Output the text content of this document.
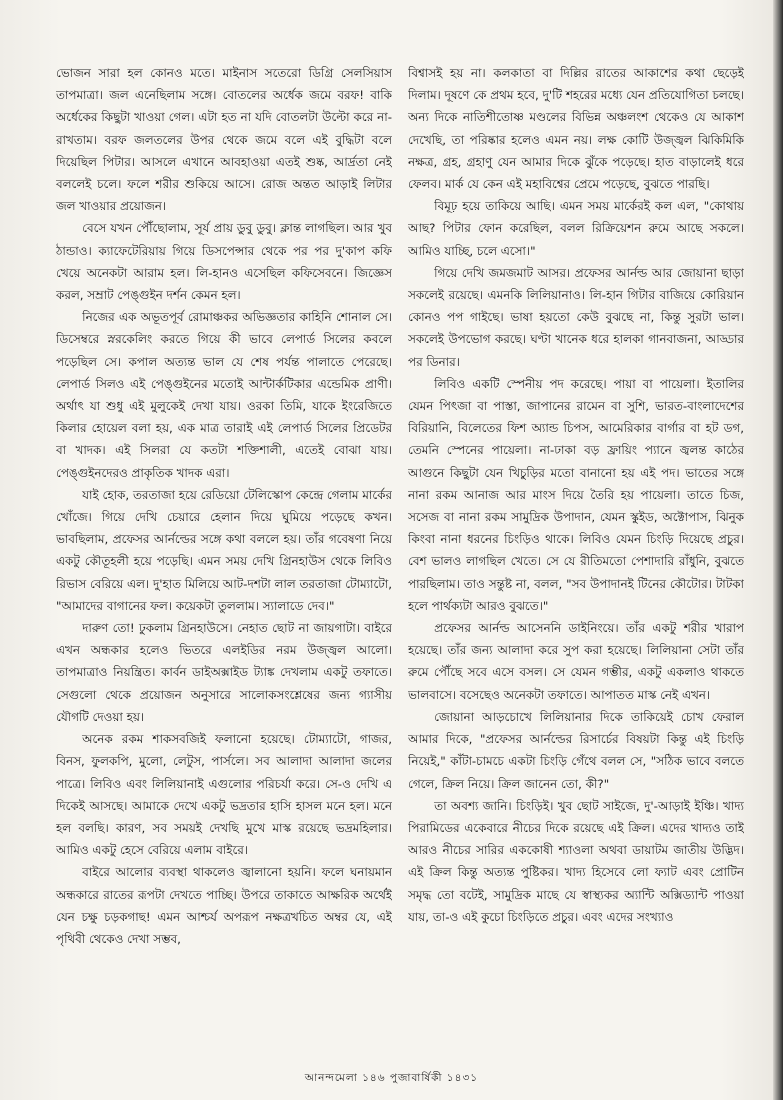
ভোজন সারা হল কোনও মতে। মাইনাস সতেরো ডিগ্রি সেলসিয়াস তাপমাত্রা। জল এনেছিলাম সঙ্গে। বোতলের অর্ধেক জমে বরফ! বাকি অর্ধেকের কিছুটা খাওয়া গেল। এটা হত না যদি বোতলটা উল্টো করে না-রাখতাম। বরফ জলতলের উপর থেকে জমে বলে এই বুদ্ধিটা বলে দিয়েছিল পিটার। আসলে এখানে আবহাওয়া এতই শুষ্ক, আর্দ্রতা নেই বললেই চলে। ফলে শরীর শুকিয়ে আসে। রোজ অন্তত আড়াই লিটার জল খাওয়ার প্রয়োজন।

বেসে যখন পৌঁছোলাম, সূর্য প্রায় ডুবু ডুবু। ক্লান্ত লাগছিল। আর খুব ঠান্ডাও। ক্যাফেটেরিয়ায় গিয়ে ডিসপেন্সার থেকে পর পর দু'কাপ কফি খেয়ে অনেকটা আরাম হল। লি-হানও এসেছিল কফিসেবনে। জিজ্ঞেস করল, সম্রাট পেঙ্গুইন দর্শন কেমন হল।

নিজের এক অভূতপূর্ব রোমাঞ্চকর অভিজ্ঞতার কাহিনি শোনাল সে। ডিসেম্বরে স্নরকেলিং করতে গিয়ে কী ভাবে লেপার্ড সিলের কবলে পড়েছিল সে। কপাল অত্যন্ত ভাল যে শেষ পর্যন্ত পালাতে পেরেছে। লেপার্ড সিলও এই পেঙ্গুইনের মতোই আন্টার্কটিকার এন্ডেমিক প্রাণী। অর্থাৎ যা শুধু এই মুলুকেই দেখা যায়। ওরকা তিমি, যাকে ইংরেজিতে কিলার হোয়েল বলা হয়, এক মাত্র তারাই এই লেপার্ড সিলের প্রিডেটর বা খাদক। এই সিলরা যে কতটা শক্তিশালী, এতেই বোঝা যায়। পেঙ্গুইনদেরও প্রাকৃতিক খাদক এরা।

যাই হোক, তরতাজা হয়ে রেডিয়ো টেলিস্কোপ কেন্দ্রে গেলাম মার্কের খোঁজে। গিয়ে দেখি চেয়ারে হেলান দিয়ে ঘুমিয়ে পড়েছে কখন। ভাবছিলাম, প্রফেসর আর্নল্ডের সঙ্গে কথা বললে হয়। তাঁর গবেষণা নিয়ে একটু কৌতূহলী হয়ে পড়েছি। এমন সময় দেখি গ্রিনহাউস থেকে লিবিও রিভাস বেরিয়ে এল। দু'হাত মিলিয়ে আট-দশটা লাল তরতাজা টোম্যাটো, "আমাদের বাগানের ফল। কয়েকটা তুললাম। স্যালাডে দেব।"

দারুণ তো! ঢুকলাম গ্রিনহাউসে। নেহাত ছোট না জায়গাটা। বাইরে এখন অন্ধকার হলেও ভিতরে এলইডির নরম উজ্জ্বল আলো। তাপমাত্রাও নিয়ন্ত্রিত। কার্বন ডাইঅক্সাইড ট্যাঙ্ক দেখলাম একটু তফাতে। সেগুলো থেকে প্রয়োজন অনুসারে সালোকসংশ্লেষের জন্য গ্যাসীয় যৌগটি দেওয়া হয়।

অনেক রকম শাকসবজিই ফলানো হয়েছে। টোম্যাটো, গাজর, বিনস, ফুলকপি, মুলো, লেটুস, পার্সলে। সব আলাদা আলাদা জলের পাত্রে। লিবিও এবং লিলিয়ানাই এগুলোর পরিচর্যা করে। সে-ও দেখি এ দিকেই আসছে। আমাকে দেখে একটু ভদ্রতার হাসি হাসল মনে হল। মনে হল বলছি। কারণ, সব সময়ই দেখছি মুখে মাস্ক রয়েছে ভদ্রমহিলার। আমিও একটু হেসে বেরিয়ে এলাম বাইরে।

বাইরে আলোর ব্যবস্থা থাকলেও জ্বালানো হয়নি। ফলে ঘনায়মান অন্ধকারে রাতের রূপটা দেখতে পাচ্ছি। উপরে তাকাতে আক্ষরিক অর্থেই যেন চক্ষু চড়কগাছ! এমন আশ্চর্য অপরূপ নক্ষত্রখচিত অম্বর যে, এই পৃথিবী থেকেও দেখা সম্ভব,

বিশ্বাসই হয় না। কলকাতা বা দিল্লির রাতের আকাশের কথা ছেড়েই দিলাম। দূষণে কে প্রথম হবে, দু'টি শহরের মধ্যে যেন প্রতিযোগিতা চলছে। অন্য দিকে নাতিশীতোষ্ণ মণ্ডলের বিভিন্ন অঞ্চলংশ থেকেও যে আকাশ দেখেছি, তা পরিষ্কার হলেও এমন নয়। লক্ষ কোটি উজ্জ্বল ঝিকিমিকি নক্ষত্র, গ্রহ, গ্রহাণু যেন আমার দিকে ঝুঁকে পড়েছে। হাত বাড়ালেই ধরে ফেলব। মার্ক যে কেন এই মহাবিশ্বের প্রেমে পড়েছে, বুঝতে পারছি।

বিমূঢ় হয়ে তাকিয়ে আছি। এমন সময় মার্কেরই কল এল, "কোথায় আছ? পিটার ফোন করেছিল, বলল রিক্রিয়েশন রুমে আছে সকলে। আমিও যাচ্ছি, চলে এসো।"

গিয়ে দেখি জমজমাট আসর। প্রফেসর আর্নল্ড আর জোয়ানা ছাড়া সকলেই রয়েছে। এমনকি লিলিয়ানাও। লি-হান গিটার বাজিয়ে কোরিয়ান কোনও পপ গাইছে। ভাষা হয়তো কেউ বুঝছে না, কিন্তু সুরটা ভাল। সকলেই উপভোগ করছে। ঘণ্টা খানেক ধরে হালকা গানবাজনা, আড্ডার পর ডিনার।

লিবিও একটি স্পেনীয় পদ করেছে। পায়া বা পায়েলা। ইতালির যেমন পিৎজা বা পাস্তা, জাপানের রামেন বা সুশি, ভারত-বাংলাদেশের বিরিয়ানি, বিলেতের ফিশ অ্যান্ড চিপস, আমেরিকার বার্গার বা হট ডগ, তেমনি স্পেনের পায়েলা। না-ঢাকা বড় ফ্রায়িং প্যানে জ্বলন্ত কাঠের আগুনে কিছুটা যেন খিচুড়ির মতো বানানো হয় এই পদ। ভাতের সঙ্গে নানা রকম আনাজ আর মাংস দিয়ে তৈরি হয় পায়েলা। তাতে চিজ, সসেজ বা নানা রকম সামুদ্রিক উপাদান, যেমন স্কুইড, অক্টোপাস, ঝিনুক কিংবা নানা ধরনের চিংড়িও থাকে। লিবিও যেমন চিংড়ি দিয়েছে প্রচুর। বেশ ভালও লাগছিল খেতে। সে যে রীতিমতো পেশাদারি রাঁধুনি, বুঝতে পারছিলাম। তাও সন্তুষ্ট না, বলল, "সব উপাদানই টিনের কৌটোর। টাটকা হলে পার্থক্যটা আরও বুঝতে।"

প্রফেসর আর্নল্ড আসেননি ডাইনিংয়ে। তাঁর একটু শরীর খারাপ হয়েছে। তাঁর জন্য আলাদা করে সুপ করা হয়েছে। লিলিয়ানা সেটা তাঁর রুমে পৌঁছে সবে এসে বসল। সে যেমন গম্ভীর, একটু একলাও থাকতে ভালবাসে। বসেছেও অনেকটা তফাতে। আপাতত মাস্ক নেই এখন।

জোয়ানা আড়চোখে লিলিয়ানার দিকে তাকিয়েই চোখ ফেরাল আমার দিকে, "প্রফেসর আর্নল্ডের রিসার্চের বিষয়টা কিন্তু এই চিংড়ি নিয়েই," কাঁটা-চামচে একটা চিংড়ি গেঁথে বলল সে, "সঠিক ভাবে বলতে গেলে, ক্রিল নিয়ে। ক্রিল জানেন তো, কী?"

তা অবশ্য জানি। চিংড়িই। খুব ছোট সাইজে, দু'-আড়াই ইঞ্চি। খাদ্য পিরামিডের একেবারে নীচের দিকে রয়েছে এই ক্রিল। এদের খাদ্যও তাই আরও নীচের সারির এককোষী শ্যাওলা অথবা ডায়াটম জাতীয় উদ্ভিদ। এই ক্রিল কিন্তু অত্যন্ত পুষ্টিকর। খাদ্য হিসেবে লো ফ্যাট এবং প্রোটিন সমৃদ্ধ তো বটেই, সামুদ্রিক মাছে যে স্বাস্থ্যকর অ্যান্টি অক্সিড্যান্ট পাওয়া যায়, তা-ও এই কুচো চিংড়িতে প্রচুর। এবং এদের সংখ্যাও

আনন্দমেলা ১৪৬ পুজাবার্ষিকী ১৪৩১
